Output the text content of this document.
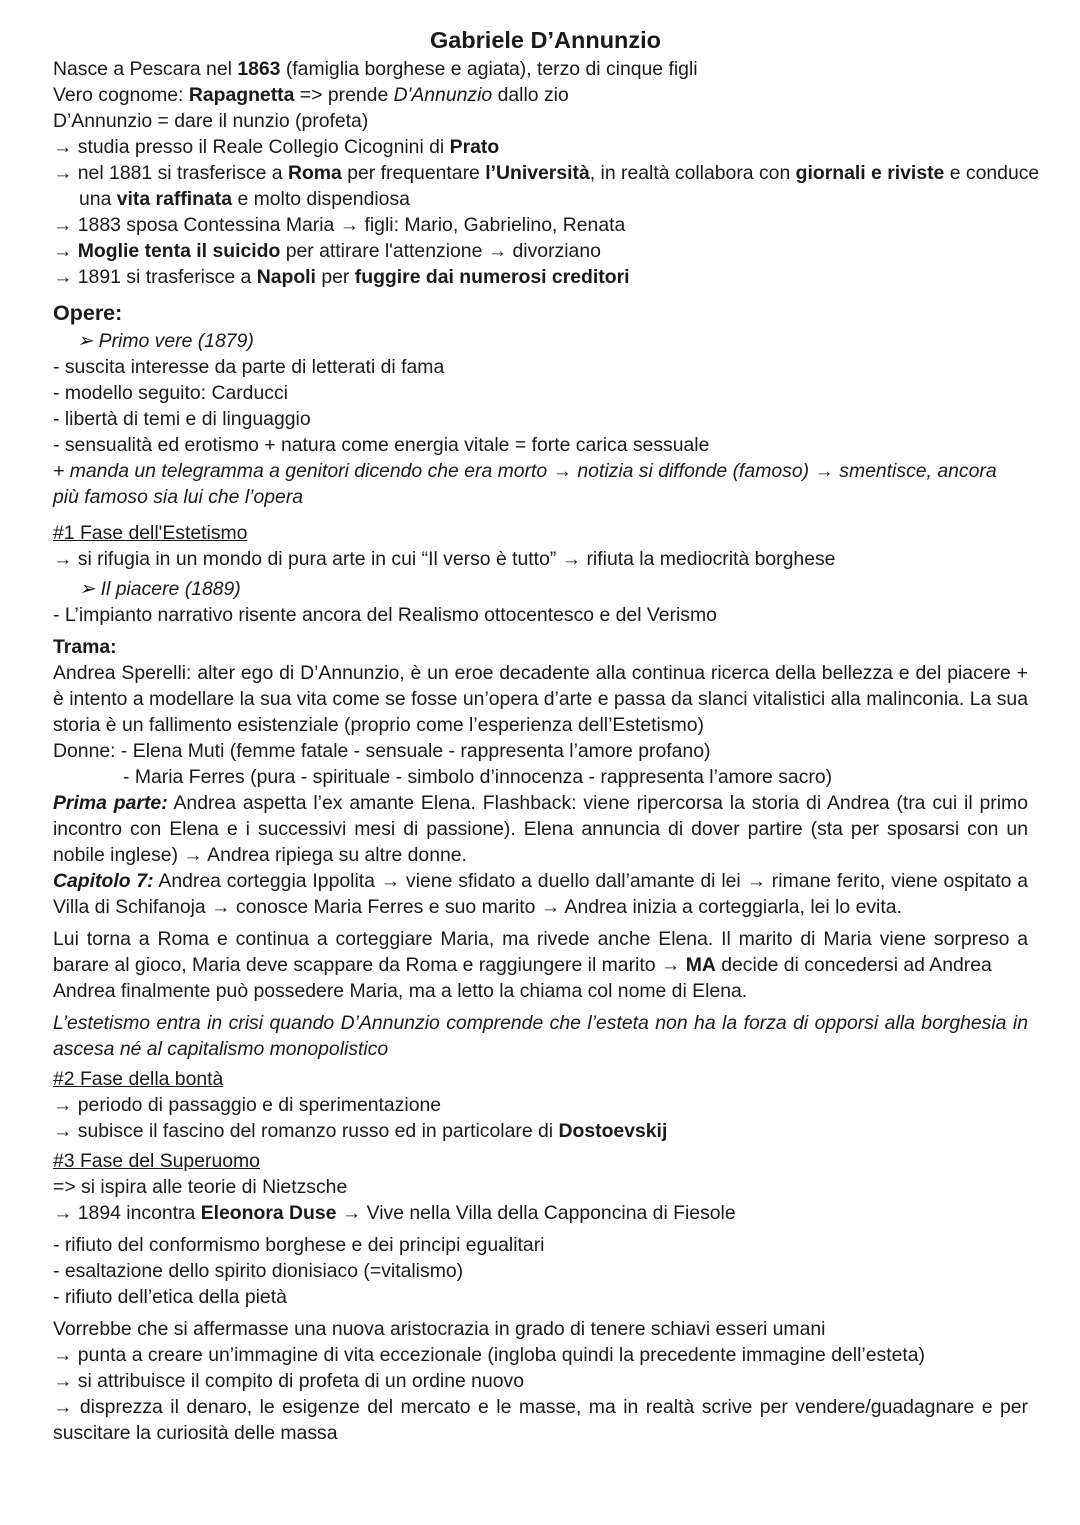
Gabriele D’Annunzio
Nasce a Pescara nel 1863 (famiglia borghese e agiata), terzo di cinque figli
Vero cognome: Rapagnetta => prende D'Annunzio dallo zio
D’Annunzio = dare il nunzio (profeta)
→ studia presso il Reale Collegio Cicognini di Prato
→ nel 1881 si trasferisce a Roma per frequentare l’Università, in realtà collabora con giornali e riviste e conduce
una vita raffinata e molto dispendiosa
→ 1883 sposa Contessina Maria → figli: Mario, Gabrielino, Renata
→ Moglie tenta il suicido per attirare l'attenzione → divorziano
→ 1891 si trasferisce a Napoli per fuggire dai numerosi creditori
Opere:
➢ Primo vere (1879)
- suscita interesse da parte di letterati di fama
- modello seguito: Carducci
- libertà di temi e di linguaggio
- sensualità ed erotismo + natura come energia vitale = forte carica sessuale
+ manda un telegramma a genitori dicendo che era morto → notizia si diffonde (famoso) → smentisce, ancora
più famoso sia lui che l’opera
#1 Fase dell'Estetismo
→ si rifugia in un mondo di pura arte in cui “Il verso è tutto” → rifiuta la mediocrità borghese
➢ Il piacere (1889)
- L’impianto narrativo risente ancora del Realismo ottocentesco e del Verismo
Trama:
Andrea Sperelli: alter ego di D’Annunzio, è un eroe decadente alla continua ricerca della bellezza e del piacere + è intento a modellare la sua vita come se fosse un’opera d’arte e passa da slanci vitalistici alla malinconia. La sua storia è un fallimento esistenziale (proprio come l’esperienza dell’Estetismo)
Donne: - Elena Muti (femme fatale - sensuale - rappresenta l’amore profano)
- Maria Ferres (pura - spirituale - simbolo d’innocenza - rappresenta l’amore sacro)
Prima parte: Andrea aspetta l’ex amante Elena. Flashback: viene ripercorsa la storia di Andrea (tra cui il primo incontro con Elena e i successivi mesi di passione). Elena annuncia di dover partire (sta per sposarsi con un nobile inglese) → Andrea ripiega su altre donne.
Capitolo 7: Andrea corteggia Ippolita → viene sfidato a duello dall’amante di lei → rimane ferito, viene ospitato a Villa di Schifanoja → conosce Maria Ferres e suo marito → Andrea inizia a corteggiarla, lei lo evita.
Lui torna a Roma e continua a corteggiare Maria, ma rivede anche Elena. Il marito di Maria viene sorpreso a barare al gioco, Maria deve scappare da Roma e raggiungere il marito → MA decide di concedersi ad Andrea
Andrea finalmente può possedere Maria, ma a letto la chiama col nome di Elena.
L’estetismo entra in crisi quando D’Annunzio comprende che l’esteta non ha la forza di opporsi alla borghesia in ascesa né al capitalismo monopolistico
#2 Fase della bontà
→ periodo di passaggio e di sperimentazione
→ subisce il fascino del romanzo russo ed in particolare di Dostoevskij
#3 Fase del Superuomo
=> si ispira alle teorie di Nietzsche
→ 1894 incontra Eleonora Duse → Vive nella Villa della Capponcina di Fiesole
- rifiuto del conformismo borghese e dei principi egualitari
- esaltazione dello spirito dionisiaco (=vitalismo)
- rifiuto dell’etica della pietà
Vorrebbe che si affermasse una nuova aristocrazia in grado di tenere schiavi esseri umani
→ punta a creare un’immagine di vita eccezionale (ingloba quindi la precedente immagine dell’esteta)
→ si attribuisce il compito di profeta di un ordine nuovo
→ disprezza il denaro, le esigenze del mercato e le masse, ma in realtà scrive per vendere/guadagnare e per suscitare la curiosità delle massa
